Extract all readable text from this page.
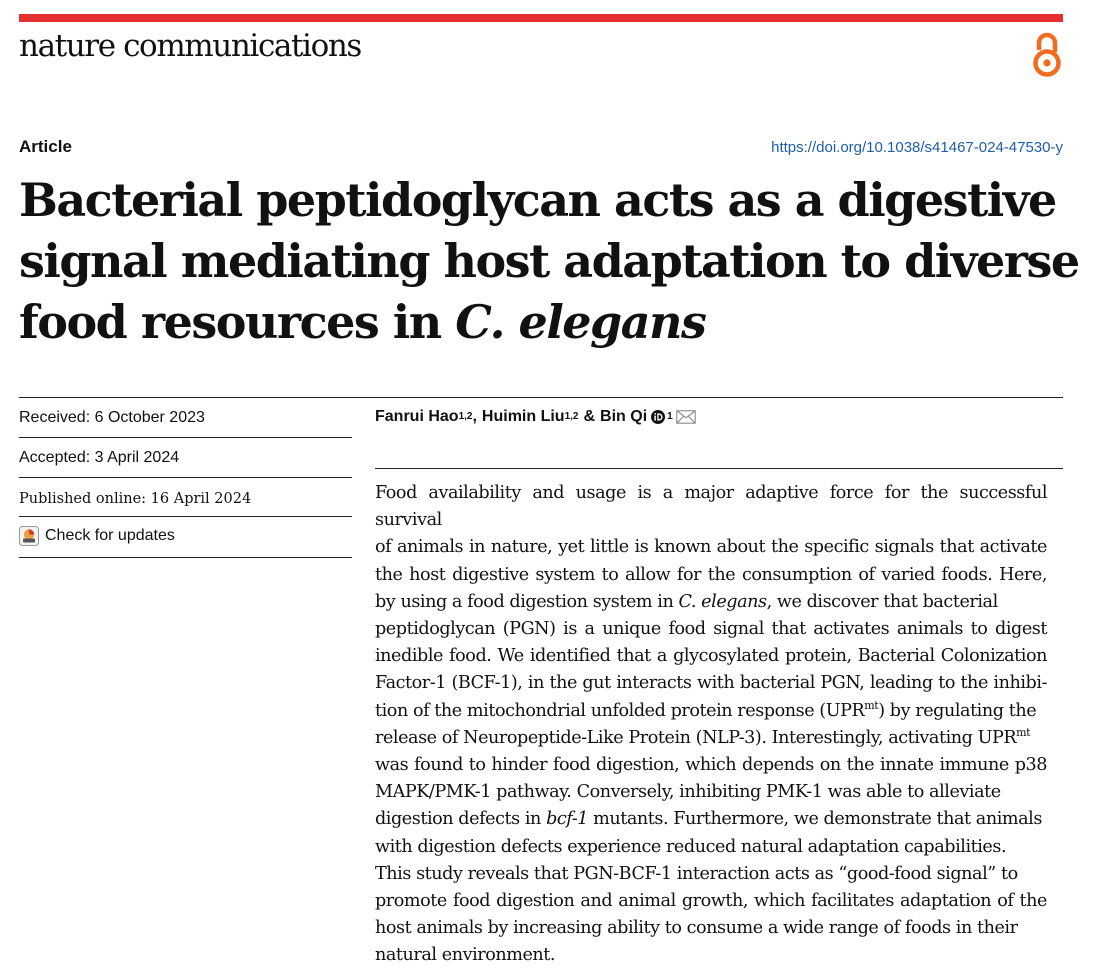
nature communications

Article	https://doi.org/10.1038/s41467-024-47530-y
Bacterial peptidoglycan acts as a digestive
signal mediating host adaptation to diverse
food resources in C. elegans

Received: 6 October 2023

Accepted: 3 April 2024

Published online: 16 April 2024

Check for updates

Fanrui Hao 1,2 , Huimin Liu 1,2 & Bin Qi 1

Food availability and usage is a major adaptive force for the successful survival
of animals in nature, yet little is known about the specific signals that activate
the host digestive system to allow for the consumption of varied foods. Here,
by using a food digestion system in C. elegans, we discover that bacterial
peptidoglycan (PGN) is a unique food signal that activates animals to digest
inedible food. We identified that a glycosylated protein, Bacterial Colonization
Factor-1 (BCF-1), in the gut interacts with bacterial PGN, leading to the inhibi-
tion of the mitochondrial unfolded protein response $(UPR^{mt})$ by regulating the
release of Neuropeptide-Like Protein (NLP-3). Interestingly, activating $UPR^{mt}$
was found to hinder food digestion, which depends on the innate immune p38
MAPK/PMK-1 pathway. Conversely, inhibiting PMK-1 was able to alleviate
digestion defects in bcf-1 mutants. Furthermore, we demonstrate that animals
with digestion defects experience reduced natural adaptation capabilities.
This study reveals that PGN-BCF-1 interaction acts as “good-food signal” to
promote food digestion and animal growth, which facilitates adaptation of the
host animals by increasing ability to consume a wide range of foods in their
natural environment.
